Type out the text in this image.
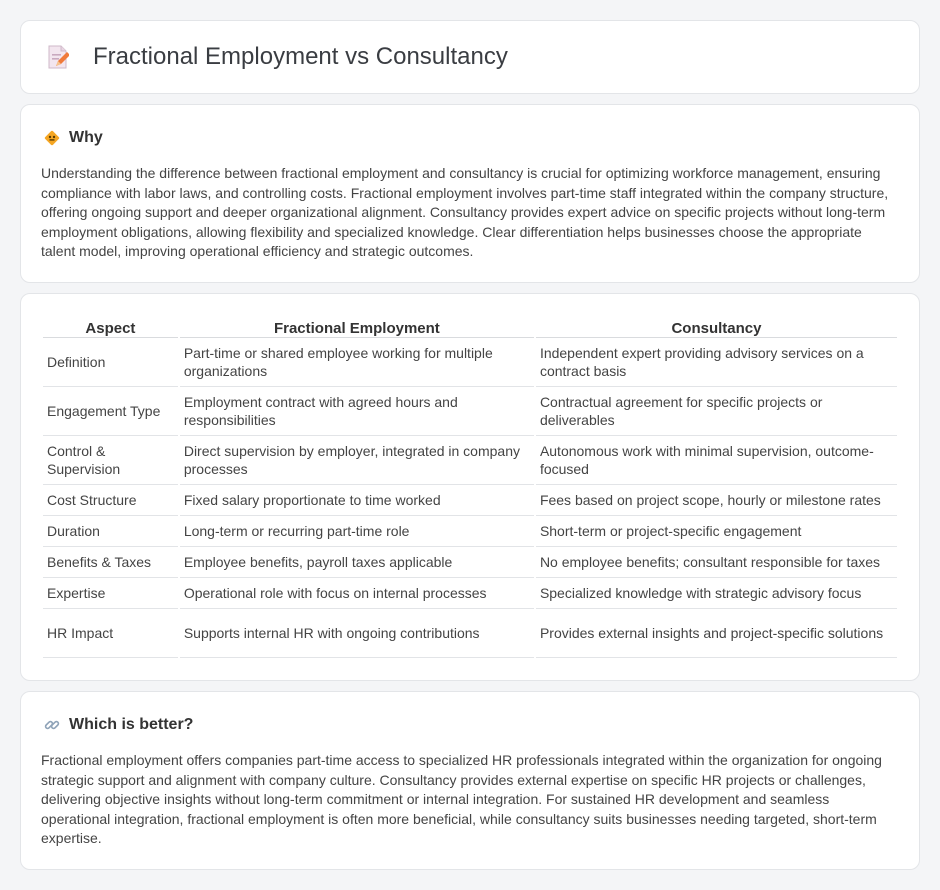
Fractional Employment vs Consultancy
Why

Understanding the difference between fractional employment and consultancy is crucial for optimizing workforce management, ensuring compliance with labor laws, and controlling costs. Fractional employment involves part-time staff integrated within the company structure, offering ongoing support and deeper organizational alignment. Consultancy provides expert advice on specific projects without long-term employment obligations, allowing flexibility and specialized knowledge. Clear differentiation helps businesses choose the appropriate talent model, improving operational efficiency and strategic outcomes.

Aspect	Fractional Employment	Consultancy
Definition	Part-time or shared employee working for multiple organizations	Independent expert providing advisory services on a contract basis
Engagement Type	Employment contract with agreed hours and responsibilities	Contractual agreement for specific projects or deliverables
Control & Supervision	Direct supervision by employer, integrated in company processes	Autonomous work with minimal supervision, outcome-focused
Cost Structure	Fixed salary proportionate to time worked	Fees based on project scope, hourly or milestone rates
Duration	Long-term or recurring part-time role	Short-term or project-specific engagement
Benefits & Taxes	Employee benefits, payroll taxes applicable	No employee benefits; consultant responsible for taxes
Expertise	Operational role with focus on internal processes	Specialized knowledge with strategic advisory focus
HR Impact	Supports internal HR with ongoing contributions	Provides external insights and project-specific solutions
Which is better?

Fractional employment offers companies part-time access to specialized HR professionals integrated within the organization for ongoing strategic support and alignment with company culture. Consultancy provides external expertise on specific HR projects or challenges, delivering objective insights without long-term commitment or internal integration. For sustained HR development and seamless operational integration, fractional employment is often more beneficial, while consultancy suits businesses needing targeted, short-term expertise.
